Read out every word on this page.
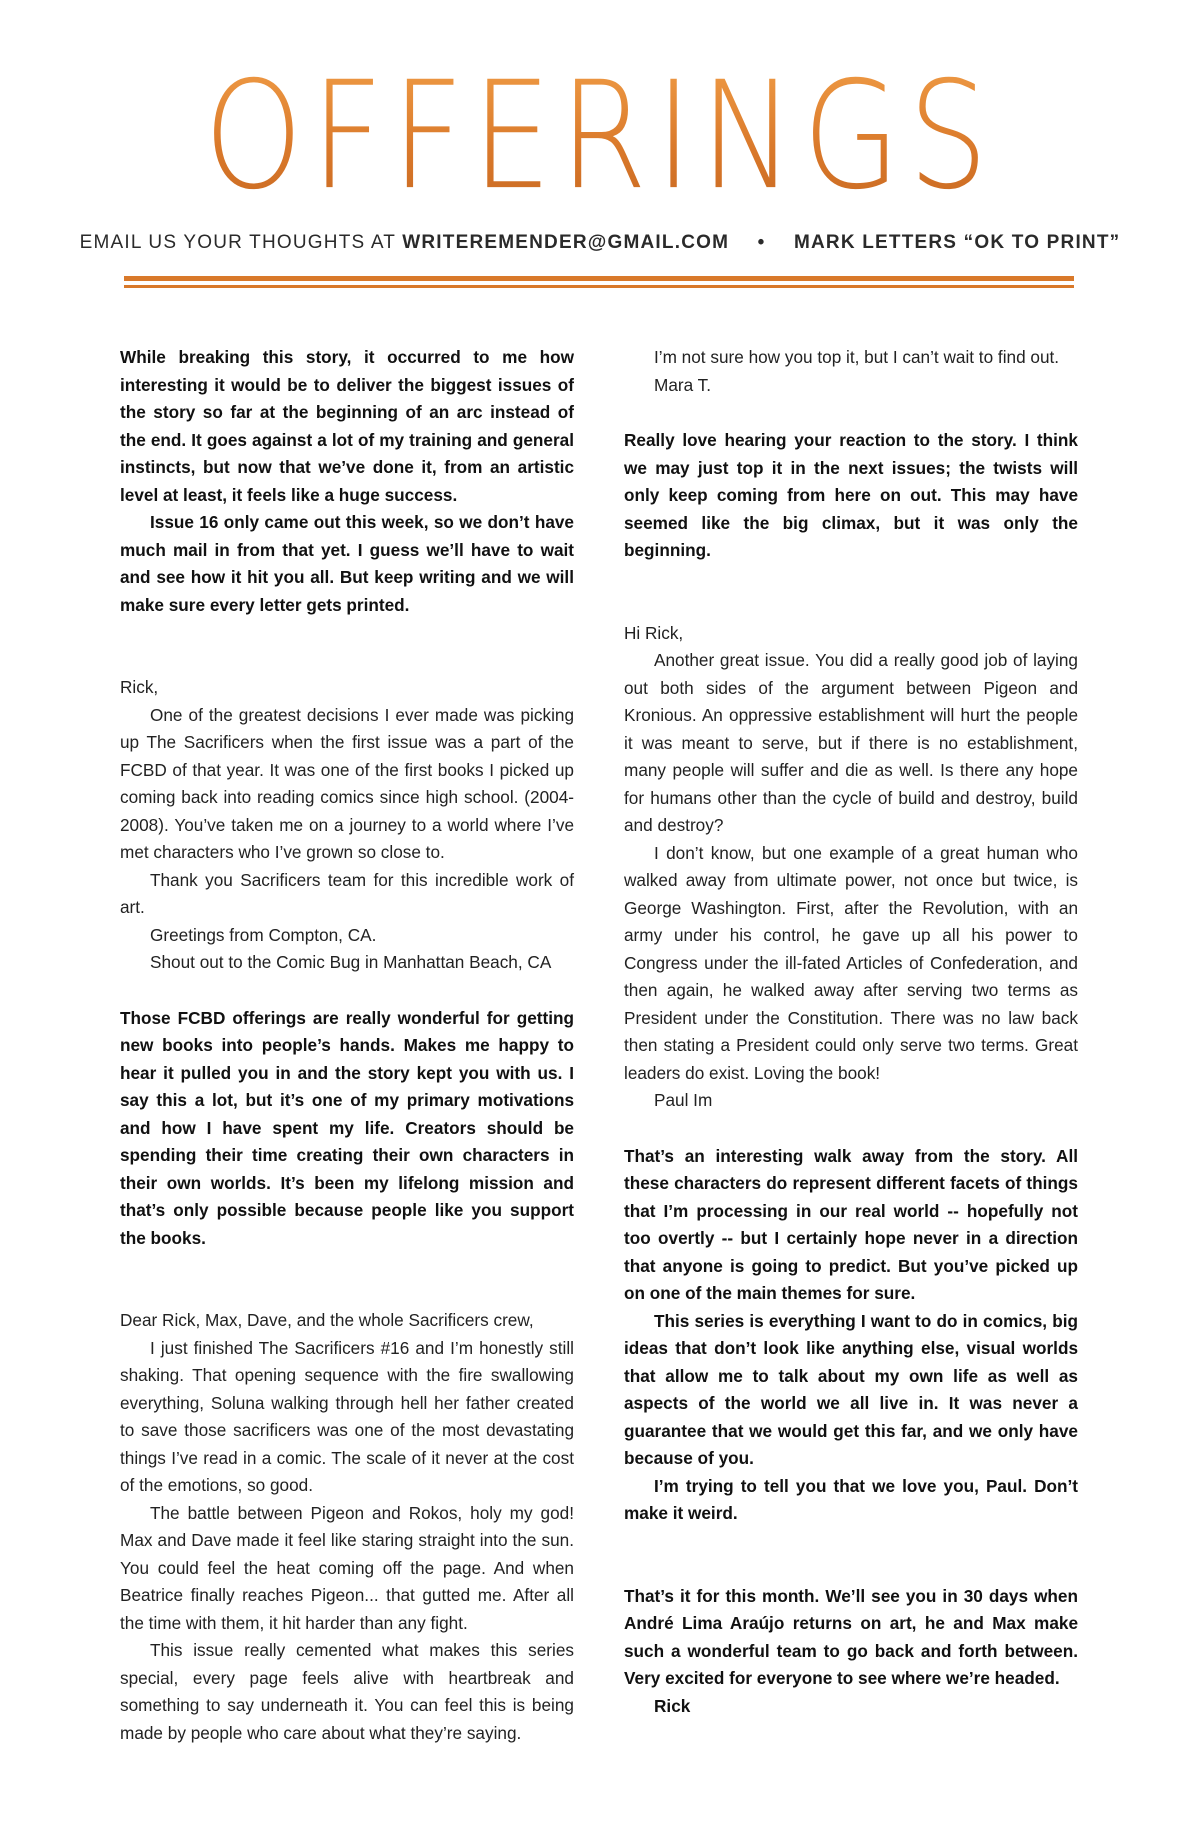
OFFERINGS
EMAIL US YOUR THOUGHTS AT WRITEREMENDER@GMAIL.COM • MARK LETTERS “OK TO PRINT”

While breaking this story, it occurred to me how interesting it would be to deliver the biggest issues of the story so far at the beginning of an arc instead of the end. It goes against a lot of my training and general instincts, but now that we’ve done it, from an artistic level at least, it feels like a huge success.

Issue 16 only came out this week, so we don’t have much mail in from that yet. I guess we’ll have to wait and see how it hit you all. But keep writing and we will make sure every letter gets printed.

Rick,

One of the greatest decisions I ever made was picking up The Sacrificers when the first issue was a part of the FCBD of that year. It was one of the first books I picked up coming back into reading comics since high school. (2004-2008). You’ve taken me on a journey to a world where I’ve met characters who I’ve grown so close to.

Thank you Sacrificers team for this incredible work of art.

Greetings from Compton, CA.

Shout out to the Comic Bug in Manhattan Beach, CA

Those FCBD offerings are really wonderful for getting new books into people’s hands. Makes me happy to hear it pulled you in and the story kept you with us. I say this a lot, but it’s one of my primary motivations and how I have spent my life. Creators should be spending their time creating their own characters in their own worlds. It’s been my lifelong mission and that’s only possible because people like you support the books.

Dear Rick, Max, Dave, and the whole Sacrificers crew,

I just finished The Sacrificers #16 and I’m honestly still shaking. That opening sequence with the fire swallowing everything, Soluna walking through hell her father created to save those sacrificers was one of the most devastating things I’ve read in a comic. The scale of it never at the cost of the emotions, so good.

The battle between Pigeon and Rokos, holy my god! Max and Dave made it feel like staring straight into the sun. You could feel the heat coming off the page. And when Beatrice finally reaches Pigeon... that gutted me. After all the time with them, it hit harder than any fight.

This issue really cemented what makes this series special, every page feels alive with heartbreak and something to say underneath it. You can feel this is being made by people who care about what they’re saying.

I’m not sure how you top it, but I can’t wait to find out.

Mara T.

Really love hearing your reaction to the story. I think we may just top it in the next issues; the twists will only keep coming from here on out. This may have seemed like the big climax, but it was only the beginning.

Hi Rick,

Another great issue. You did a really good job of laying out both sides of the argument between Pigeon and Kronious. An oppressive establishment will hurt the people it was meant to serve, but if there is no establishment, many people will suffer and die as well. Is there any hope for humans other than the cycle of build and destroy, build and destroy?

I don’t know, but one example of a great human who walked away from ultimate power, not once but twice, is George Washington. First, after the Revolution, with an army under his control, he gave up all his power to Congress under the ill-fated Articles of Confederation, and then again, he walked away after serving two terms as President under the Constitution. There was no law back then stating a President could only serve two terms. Great leaders do exist. Loving the book!

Paul Im

That’s an interesting walk away from the story. All these characters do represent different facets of things that I’m processing in our real world -- hopefully not too overtly -- but I certainly hope never in a direction that anyone is going to predict. But you’ve picked up on one of the main themes for sure.

This series is everything I want to do in comics, big ideas that don’t look like anything else, visual worlds that allow me to talk about my own life as well as aspects of the world we all live in. It was never a guarantee that we would get this far, and we only have because of you.

I’m trying to tell you that we love you, Paul. Don’t make it weird.

That’s it for this month. We’ll see you in 30 days when André Lima Araújo returns on art, he and Max make such a wonderful team to go back and forth between. Very excited for everyone to see where we’re headed.

Rick
